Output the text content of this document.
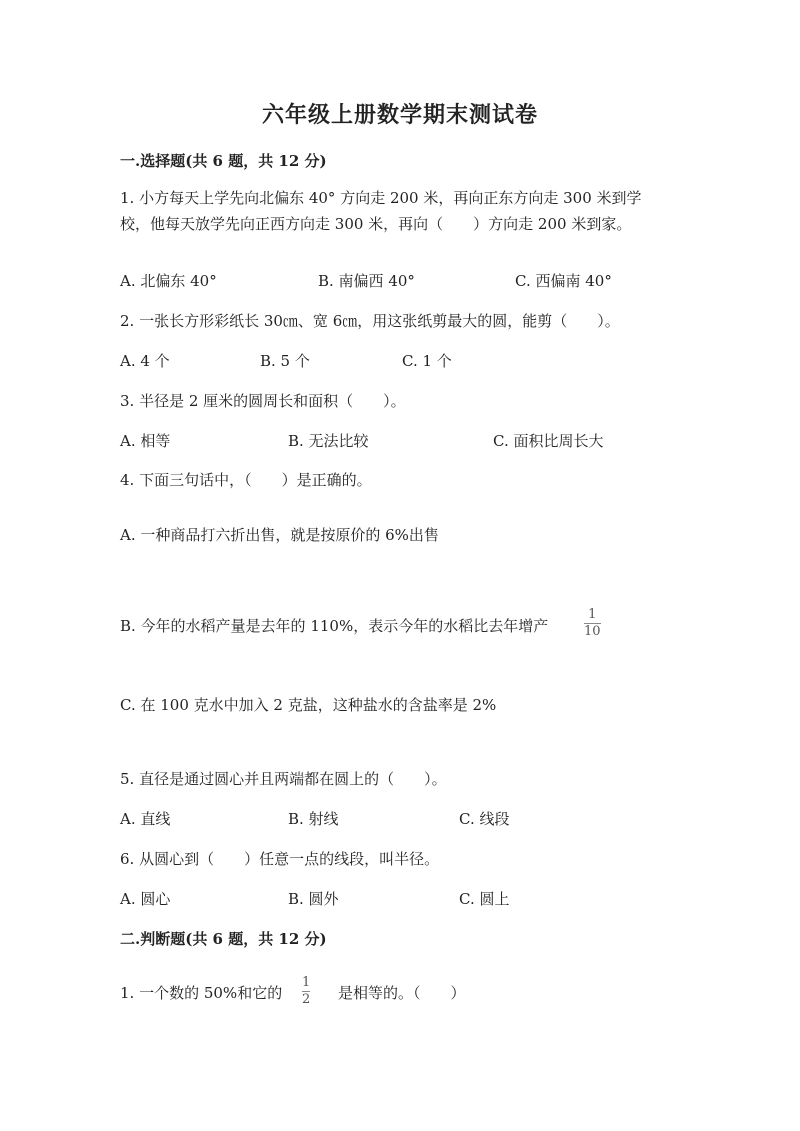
六年级上册数学期末测试卷
一.选择题(共 6 题，共 12 分)
1. 小方每天上学先向北偏东 40° 方向走 200 米，再向正东方向走 300 米到学
校，他每天放学先向正西方向走 300 米，再向（　　）方向走 200 米到家。
A. 北偏东 40°	B. 南偏西 40°	C. 西偏南 40°
2. 一张长方形彩纸长 30㎝、宽 6㎝，用这张纸剪最大的圆，能剪（　　）。
A. 4 个	B. 5 个	C. 1 个
3. 半径是 2 厘米的圆周长和面积（　　）。
A. 相等	B. 无法比较	C. 面积比周长大
4. 下面三句话中，（　　）是正确的。
A. 一种商品打六折出售，就是按原价的 6%出售
B. 今年的水稻产量是去年的 110%，表示今年的水稻比去年增产
1
10
C. 在 100 克水中加入 2 克盐，这种盐水的含盐率是 2%
5. 直径是通过圆心并且两端都在圆上的（　　）。
A. 直线	B. 射线	C. 线段
6. 从圆心到（　　）任意一点的线段，叫半径。
A. 圆心	B. 圆外	C. 圆上
二.判断题(共 6 题，共 12 分)
1. 一个数的 50%和它的
1
2 是相等的。（　　）
